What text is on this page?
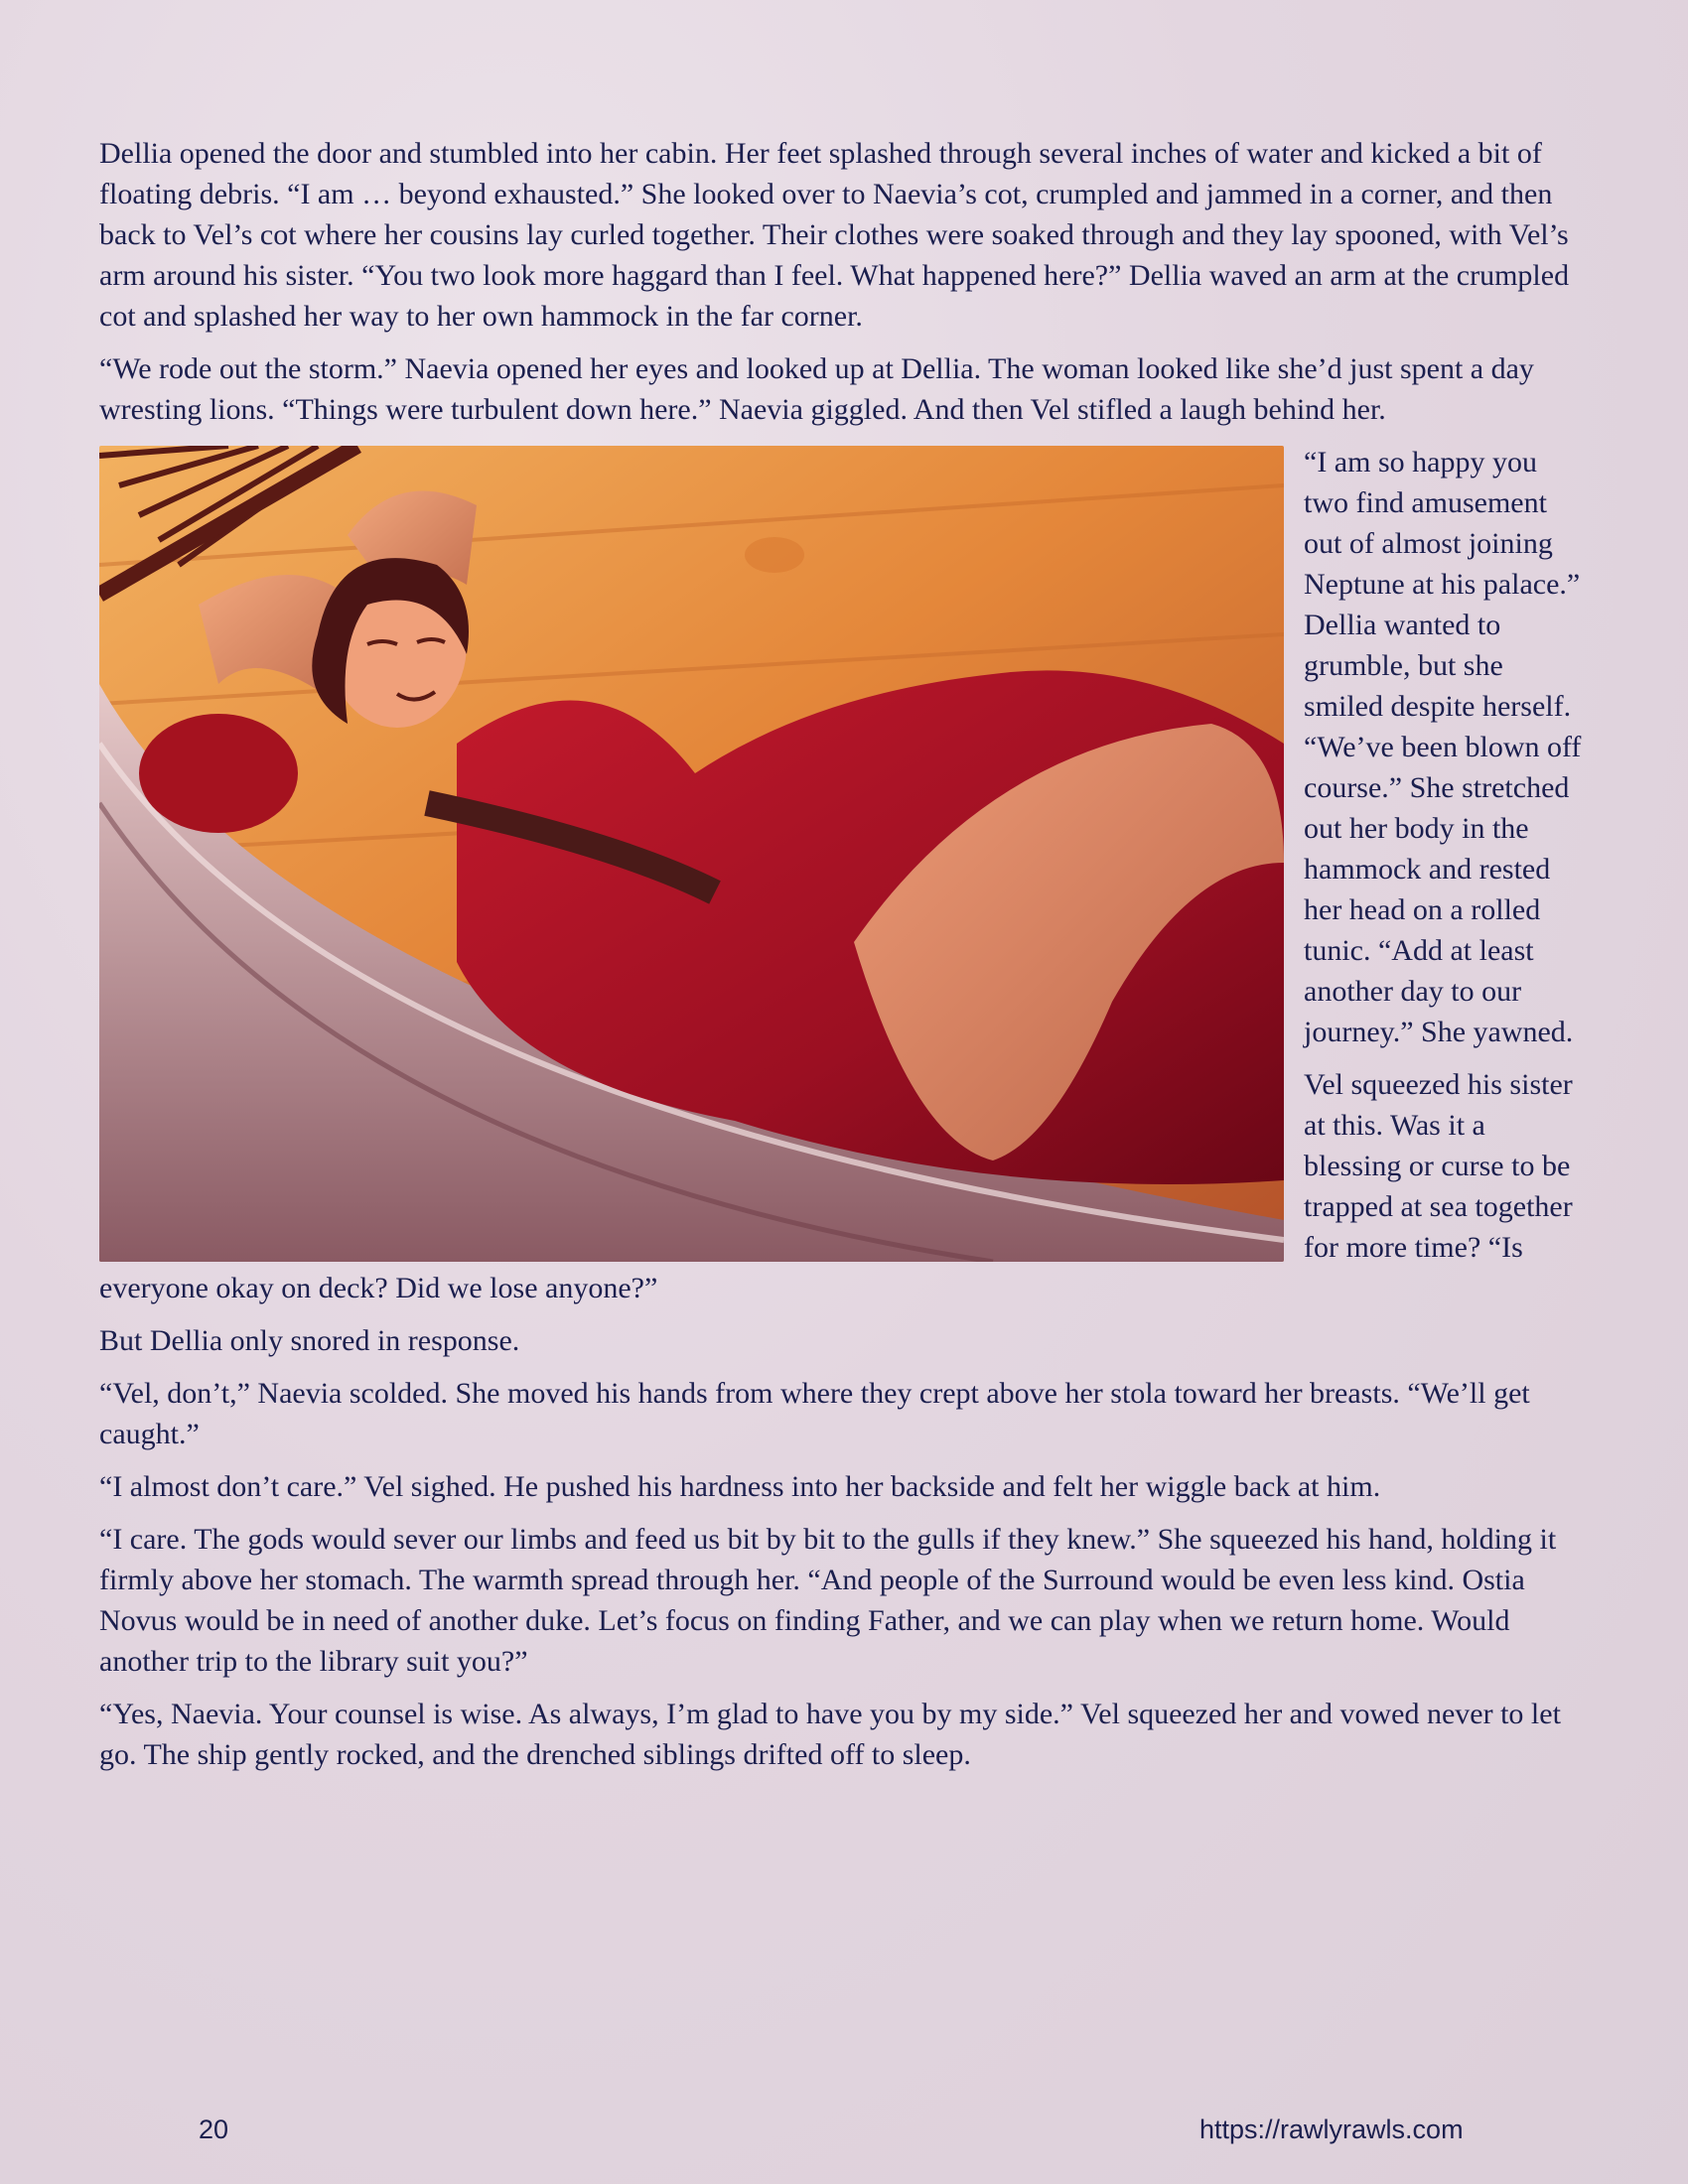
Dellia opened the door and stumbled into her cabin. Her feet splashed through several inches of water and kicked a bit of floating debris. “I am … beyond exhausted.” She looked over to Naevia’s cot, crumpled and jammed in a corner, and then back to Vel’s cot where her cousins lay curled together. Their clothes were soaked through and they lay spooned, with Vel’s arm around his sister. “You two look more haggard than I feel. What happened here?” Dellia waved an arm at the crumpled cot and splashed her way to her own hammock in the far corner.

“We rode out the storm.” Naevia opened her eyes and looked up at Dellia. The woman looked like she’d just spent a day wresting lions. “Things were turbulent down here.” Naevia giggled. And then Vel stifled a laugh behind her.

“I am so happy you two find amusement out of almost joining Neptune at his palace.” Dellia wanted to grumble, but she smiled despite herself. “We’ve been blown off course.” She stretched out her body in the hammock and rested her head on a rolled tunic. “Add at least another day to our journey.” She yawned.

Vel squeezed his sister at this. Was it a blessing or curse to be trapped at sea together for more time? “Is everyone okay on deck? Did we lose anyone?”

But Dellia only snored in response.

“Vel, don’t,” Naevia scolded. She moved his hands from where they crept above her stola toward her breasts. “We’ll get caught.”

“I almost don’t care.” Vel sighed. He pushed his hardness into her backside and felt her wiggle back at him.

“I care. The gods would sever our limbs and feed us bit by bit to the gulls if they knew.” She squeezed his hand, holding it firmly above her stomach. The warmth spread through her. “And people of the Surround would be even less kind. Ostia Novus would be in need of another duke. Let’s focus on finding Father, and we can play when we return home. Would another trip to the library suit you?”

“Yes, Naevia. Your counsel is wise. As always, I’m glad to have you by my side.” Vel squeezed her and vowed never to let go. The ship gently rocked, and the drenched siblings drifted off to sleep.

20	https://rawlyrawls.com
